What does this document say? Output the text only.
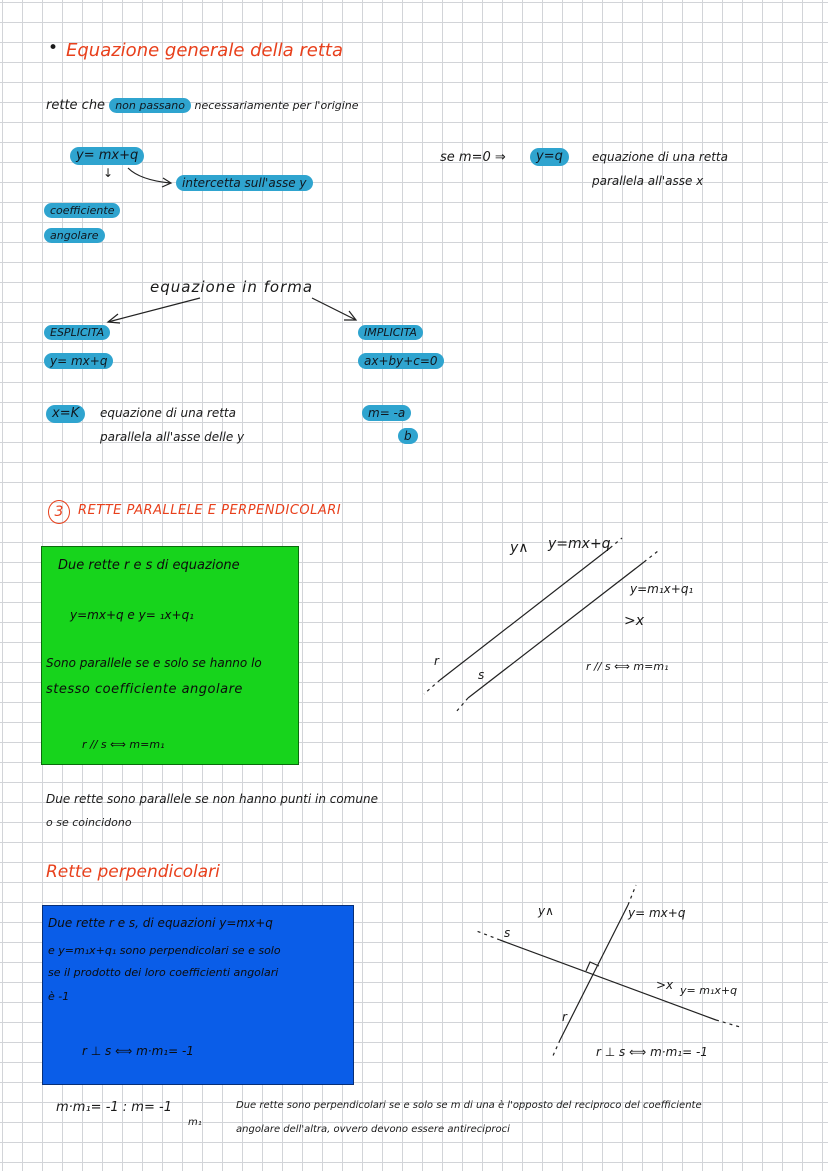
• Equazione generale della retta
rette che non passano necessariamente per l'origine
y= mx+q
↓
intercetta sull'asse y
coefficiente
angolare
se m=0 ⇒	y=q	equazione di una retta
parallela all'asse x
equazione in forma
ESPLICITA
y= mx+q
IMPLICITA
ax+by+c=0
x=K	equazione di una retta
parallela all'asse delle y
m= -a
b
3	RETTE PARALLELE E PERPENDICOLARI
Due rette r e s di equazione
y=mx+q e y= ₁x+q₁
Sono parallele se e solo se hanno lo
stesso coefficiente angolare
r // s ⟺ m=m₁
y∧ y=mx+q
y=m₁x+q₁
>x
r
s
r // s ⟺ m=m₁
Due rette sono parallele se non hanno punti in comune
o se coincidono
Rette perpendicolari
Due rette r e s, di equazioni y=mx+q
e y=m₁x+q₁ sono perpendicolari se e solo
se il prodotto dei loro coefficienti angolari
è -1
r ⊥ s ⟺ m·m₁= -1
y∧	y= mx+q
s
>x y= m₁x+q
r
r ⊥ s ⟺ m·m₁= -1
m·m₁= -1 : m= -1
m₁
Due rette sono perpendicolari se e solo se m di una è l'opposto del reciproco del coefficiente
angolare dell'altra, ovvero devono essere antireciproci
